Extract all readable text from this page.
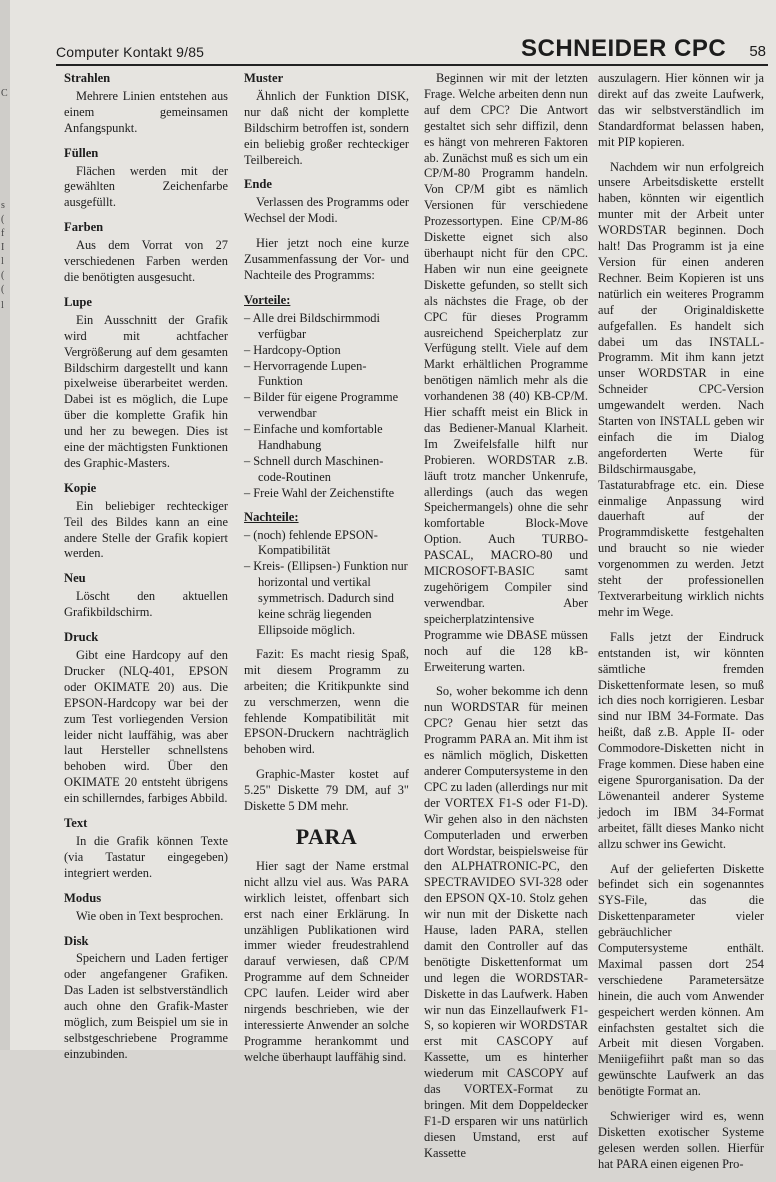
C
s
(
f
I
l
(
(
l
Computer Kontakt 9/85	SCHNEIDER CPC 58
Strahlen

Mehrere Linien entstehen aus einem gemeinsamen Anfangspunkt.

Füllen

Flächen werden mit der gewählten Zeichenfarbe ausgefüllt.

Farben

Aus dem Vorrat von 27 verschiedenen Farben werden die benötigten ausgesucht.

Lupe

Ein Ausschnitt der Grafik wird mit achtfacher Vergrößerung auf dem gesamten Bildschirm dargestellt und kann pixelweise überarbeitet werden. Dabei ist es möglich, die Lupe über die komplette Grafik hin und her zu bewegen. Dies ist eine der mächtigsten Funktionen des Graphic-Masters.

Kopie

Ein beliebiger rechteckiger Teil des Bildes kann an eine andere Stelle der Grafik kopiert werden.

Neu

Löscht den aktuellen Grafikbildschirm.

Druck

Gibt eine Hardcopy auf den Drucker (NLQ-401, EPSON oder OKIMATE 20) aus. Die EPSON-Hardcopy war bei der zum Test vorliegenden Version leider nicht lauffähig, was aber laut Hersteller schnellstens behoben wird. Über den OKIMATE 20 entsteht übrigens ein schillerndes, farbiges Abbild.

Text

In die Grafik können Texte (via Tastatur eingegeben) integriert werden.

Modus

Wie oben in Text besprochen.

Disk

Speichern und Laden fertiger oder angefangener Grafiken. Das Laden ist selbstverständlich auch ohne den Grafik-Master möglich, zum Beispiel um sie in selbstgeschriebene Programme einzubinden.

Muster

Ähnlich der Funktion DISK, nur daß nicht der komplette Bildschirm betroffen ist, sondern ein beliebig großer rechteckiger Teilbereich.

Ende

Verlassen des Programms oder Wechsel der Modi.

Hier jetzt noch eine kurze Zusammenfassung der Vor- und Nachteile des Programms:

Vorteile:
– Alle drei Bildschirmmodi verfügbar
– Hardcopy-Option
– Hervorragende Lupen-Funktion
– Bilder für eigene Programme verwendbar
– Einfache und komfortable Handhabung
– Schnell durch Maschinen-code-Routinen
– Freie Wahl der Zeichenstifte
Nachteile:
– (noch) fehlende EPSON-Kompatibilität
– Kreis- (Ellipsen-) Funktion nur horizontal und vertikal symmetrisch. Dadurch sind keine schräg liegenden Ellipsoide möglich.

Fazit: Es macht riesig Spaß, mit diesem Programm zu arbeiten; die Kritikpunkte sind zu verschmerzen, wenn die fehlende Kompatibilität mit EPSON-Druckern nachträglich behoben wird.

Graphic-Master kostet auf 5.25" Diskette 79 DM, auf 3" Diskette 5 DM mehr.

PARA

Hier sagt der Name erstmal nicht allzu viel aus. Was PARA wirklich leistet, offenbart sich erst nach einer Erklärung. In unzähligen Publikationen wird immer wieder freudestrahlend darauf verwiesen, daß CP/M Programme auf dem Schneider CPC laufen. Leider wird aber nirgends beschrieben, wie der interessierte Anwender an solche Programme herankommt und welche überhaupt lauffähig sind.

Beginnen wir mit der letzten Frage. Welche arbeiten denn nun auf dem CPC? Die Antwort gestaltet sich sehr diffizil, denn es hängt von mehreren Faktoren ab. Zunächst muß es sich um ein CP/M-80 Programm handeln. Von CP/M gibt es nämlich Versionen für verschiedene Prozessortypen. Eine CP/M-86 Diskette eignet sich also überhaupt nicht für den CPC. Haben wir nun eine geeignete Diskette gefunden, so stellt sich als nächstes die Frage, ob der CPC für dieses Programm ausreichend Speicherplatz zur Verfügung stellt. Viele auf dem Markt erhältlichen Programme benötigen nämlich mehr als die vorhandenen 38 (40) KB-CP/M. Hier schafft meist ein Blick in das Bediener-Manual Klarheit. Im Zweifelsfalle hilft nur Probieren. WORDSTAR z.B. läuft trotz mancher Unkenrufe, allerdings (auch das wegen Speichermangels) ohne die sehr komfortable Block-Move Option. Auch TURBO-PASCAL, MACRO-80 und MICROSOFT-BASIC samt zugehörigem Compiler sind verwendbar. Aber speicherplatzintensive Programme wie DBASE müssen noch auf die 128 kB-Erweiterung warten.

So, woher bekomme ich denn nun WORDSTAR für meinen CPC? Genau hier setzt das Programm PARA an. Mit ihm ist es nämlich möglich, Disketten anderer Computersysteme in den CPC zu laden (allerdings nur mit der VORTEX F1-S oder F1-D). Wir gehen also in den nächsten Computerladen und erwerben dort Wordstar, beispielsweise für den ALPHATRONIC-PC, den SPECTRAVIDEO SVI-328 oder den EPSON QX-10. Stolz gehen wir nun mit der Diskette nach Hause, laden PARA, stellen damit den Controller auf das benötigte Diskettenformat um und legen die WORDSTAR-Diskette in das Laufwerk. Haben wir nun das Einzellaufwerk F1-S, so kopieren wir WORDSTAR erst mit CASCOPY auf Kassette, um es hinterher wiederum mit CASCOPY auf das VORTEX-Format zu bringen. Mit dem Doppeldecker F1-D ersparen wir uns natürlich diesen Umstand, erst auf Kassette

auszulagern. Hier können wir ja direkt auf das zweite Laufwerk, das wir selbstverständlich im Standardformat belassen haben, mit PIP kopieren.

Nachdem wir nun erfolgreich unsere Arbeitsdiskette erstellt haben, könnten wir eigentlich munter mit der Arbeit unter WORDSTAR beginnen. Doch halt! Das Programm ist ja eine Version für einen anderen Rechner. Beim Kopieren ist uns natürlich ein weiteres Programm auf der Originaldiskette aufgefallen. Es handelt sich dabei um das INSTALL-Programm. Mit ihm kann jetzt unser WORDSTAR in eine Schneider CPC-Version umgewandelt werden. Nach Starten von INSTALL geben wir einfach die im Dialog angeforderten Werte für Bildschirmausgabe, Tastaturabfrage etc. ein. Diese einmalige Anpassung wird dauerhaft auf der Programmdiskette festgehalten und braucht so nie wieder vorgenommen zu werden. Jetzt steht der professionellen Textverarbeitung wirklich nichts mehr im Wege.

Falls jetzt der Eindruck entstanden ist, wir könnten sämtliche fremden Diskettenformate lesen, so muß ich dies noch korrigieren. Lesbar sind nur IBM 34-Formate. Das heißt, daß z.B. Apple II- oder Commodore-Disketten nicht in Frage kommen. Diese haben eine eigene Spurorganisation. Da der Löwenanteil anderer Systeme jedoch im IBM 34-Format arbeitet, fällt dieses Manko nicht allzu schwer ins Gewicht.

Auf der gelieferten Diskette befindet sich ein sogenanntes SYS-File, das die Diskettenparameter vieler gebräuchlicher Computersysteme enthält. Maximal passen dort 254 verschiedene Parametersätze hinein, die auch vom Anwender gespeichert werden können. Am einfachsten gestaltet sich die Arbeit mit diesen Vorgaben. Meniigefiihrt paßt man so das gewünschte Laufwerk an das benötigte Format an.

Schwieriger wird es, wenn Disketten exotischer Systeme gelesen werden sollen. Hierfür hat PARA einen eigenen Pro-
